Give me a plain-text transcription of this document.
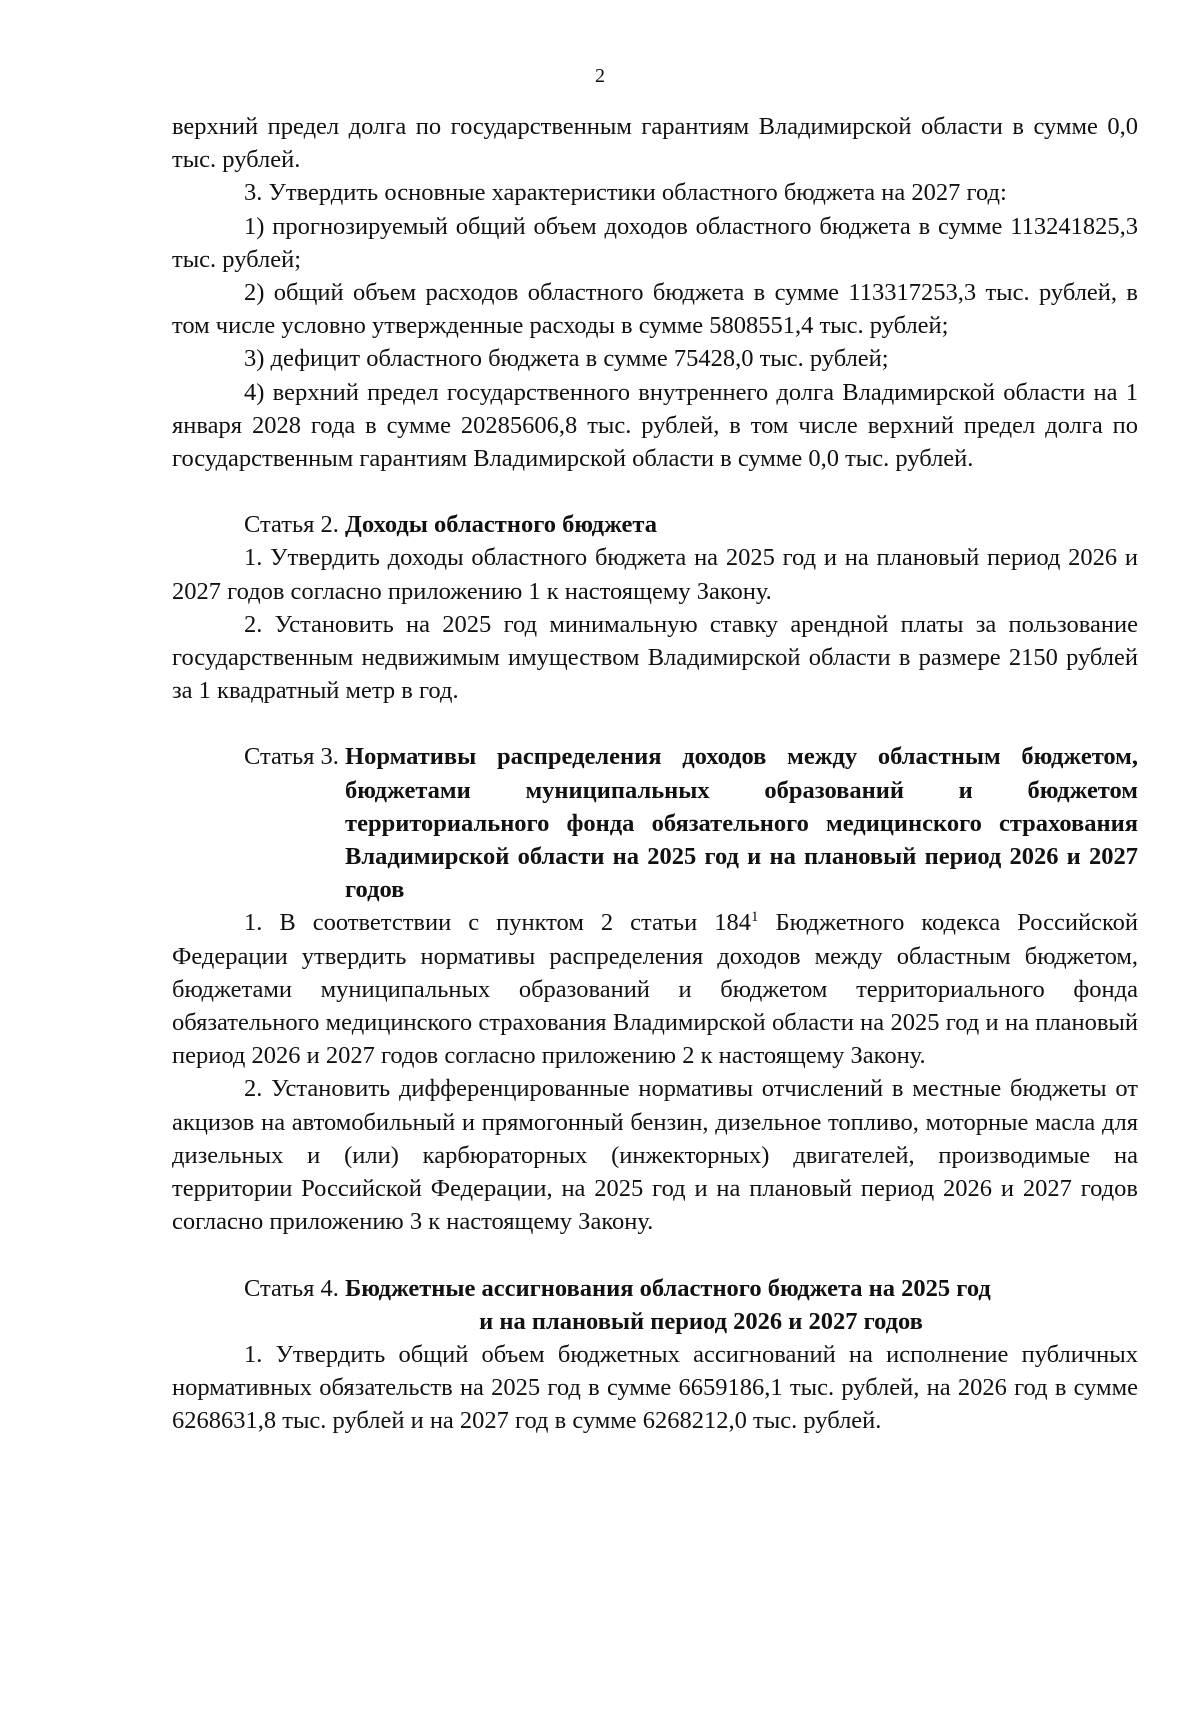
2

верхний предел долга по государственным гарантиям Владимирской области в сумме 0,0 тыс. рублей.

3. Утвердить основные характеристики областного бюджета на 2027 год:

1) прогнозируемый общий объем доходов областного бюджета в сумме 113241825,3 тыс. рублей;

2) общий объем расходов областного бюджета в сумме 113317253,3 тыс. рублей, в том числе условно утвержденные расходы в сумме 5808551,4 тыс. рублей;

3) дефицит областного бюджета в сумме 75428,0 тыс. рублей;

4) верхний предел государственного внутреннего долга Владимирской области на 1 января 2028 года в сумме 20285606,8 тыс. рублей, в том числе верхний предел долга по государственным гарантиям Владимирской области в сумме 0,0 тыс. рублей.

Статья 2. Доходы областного бюджета

1. Утвердить доходы областного бюджета на 2025 год и на плановый период 2026 и 2027 годов согласно приложению 1 к настоящему Закону.

2. Установить на 2025 год минимальную ставку арендной платы за пользование государственным недвижимым имуществом Владимирской области в размере 2150 рублей за 1 квадратный метр в год.

Статья 3. Нормативы распределения доходов между областным бюджетом, бюджетами муниципальных образований и бюджетом территориального фонда обязательного медицинского страхования Владимирской области на 2025 год и на плановый период 2026 и 2027 годов

1. В соответствии с пунктом 2 статьи $184^1$ Бюджетного кодекса Российской Федерации утвердить нормативы распределения доходов между областным бюджетом, бюджетами муниципальных образований и бюджетом территориального фонда обязательного медицинского страхования Владимирской области на 2025 год и на плановый период 2026 и 2027 годов согласно приложению 2 к настоящему Закону.

2. Установить дифференцированные нормативы отчислений в местные бюджеты от акцизов на автомобильный и прямогонный бензин, дизельное топливо, моторные масла для дизельных и (или) карбюраторных (инжекторных) двигателей, производимые на территории Российской Федерации, на 2025 год и на плановый период 2026 и 2027 годов согласно приложению 3 к настоящему Закону.

Статья 4. Бюджетные ассигнования областного бюджета на 2025 год
и на плановый период 2026 и 2027 годов

1. Утвердить общий объем бюджетных ассигнований на исполнение публичных нормативных обязательств на 2025 год в сумме 6659186,1 тыс. рублей, на 2026 год в сумме 6268631,8 тыс. рублей и на 2027 год в сумме 6268212,0 тыс. рублей.
